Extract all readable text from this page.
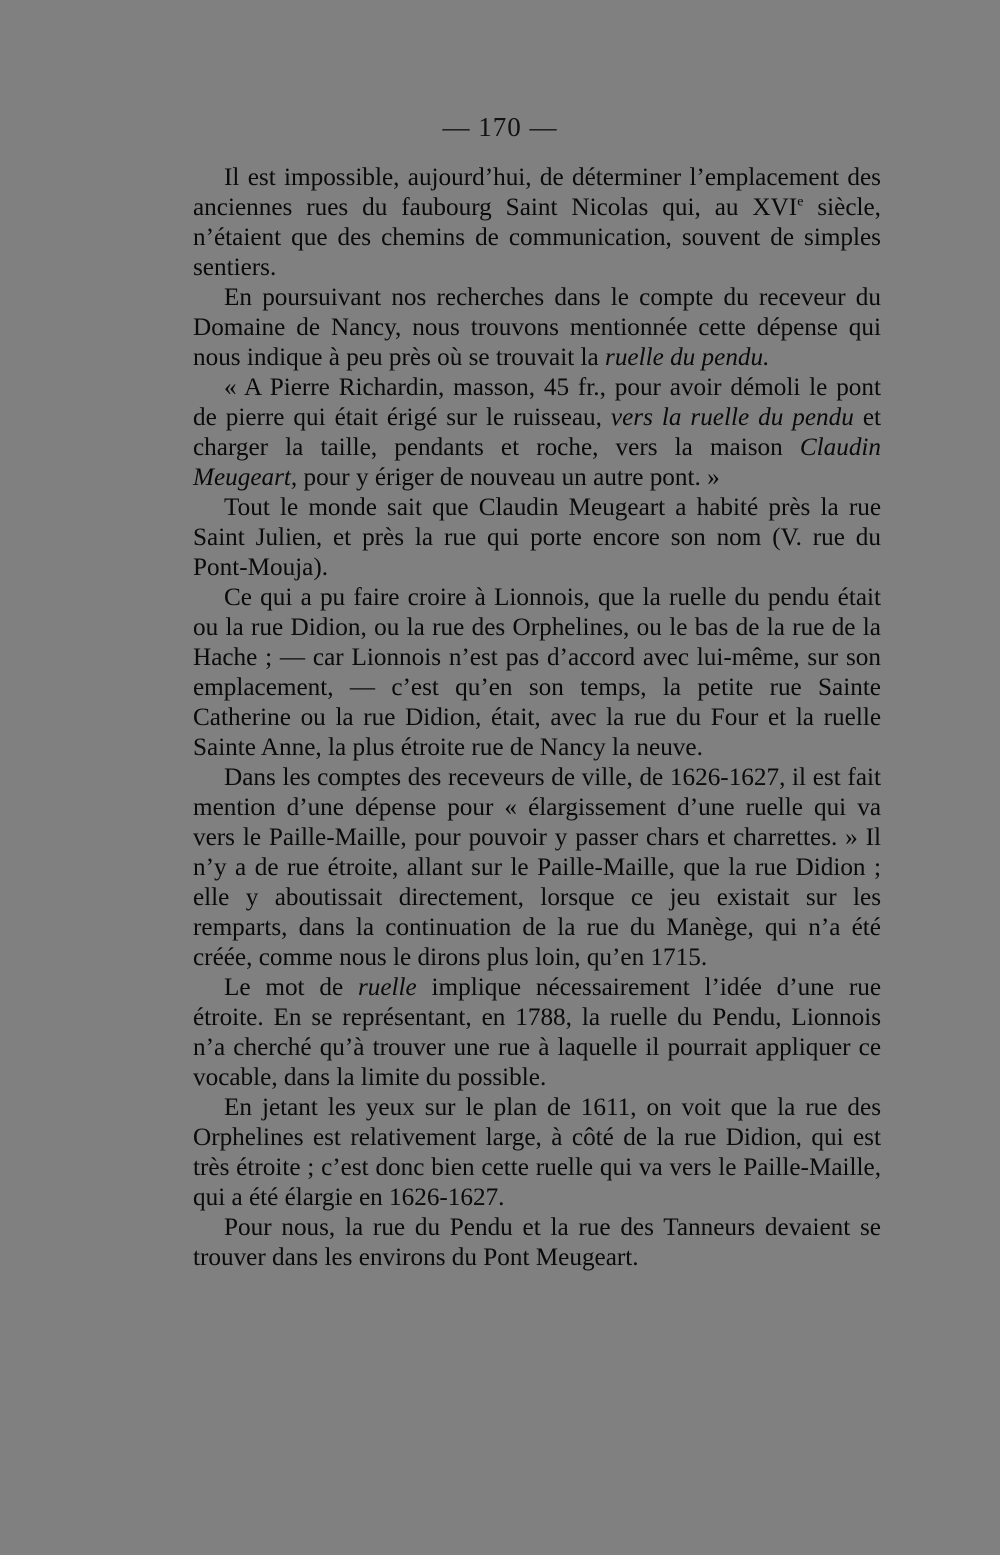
— 170 —

Il est impossible, aujourd’hui, de déterminer l’emplacement des anciennes rues du faubourg Saint Nicolas qui, au XVIe siècle, n’étaient que des chemins de communication, souvent de simples sentiers.

En poursuivant nos recherches dans le compte du receveur du Domaine de Nancy, nous trouvons mentionnée cette dépense qui nous indique à peu près où se trouvait la ruelle du pendu.

« A Pierre Richardin, masson, 45 fr., pour avoir démoli le pont de pierre qui était érigé sur le ruisseau, vers la ruelle du pendu et charger la taille, pendants et roche, vers la maison Claudin Meugeart, pour y ériger de nouveau un autre pont. »

Tout le monde sait que Claudin Meugeart a habité près la rue Saint Julien, et près la rue qui porte encore son nom (V. rue du Pont-Mouja).

Ce qui a pu faire croire à Lionnois, que la ruelle du pendu était ou la rue Didion, ou la rue des Orphelines, ou le bas de la rue de la Hache ; — car Lionnois n’est pas d’accord avec lui-même, sur son emplacement, — c’est qu’en son temps, la petite rue Sainte Catherine ou la rue Didion, était, avec la rue du Four et la ruelle Sainte Anne, la plus étroite rue de Nancy la neuve.

Dans les comptes des receveurs de ville, de 1626-1627, il est fait mention d’une dépense pour « élargissement d’une ruelle qui va vers le Paille-Maille, pour pouvoir y passer chars et charrettes. » Il n’y a de rue étroite, allant sur le Paille-Maille, que la rue Didion ; elle y aboutissait directement, lorsque ce jeu existait sur les remparts, dans la continuation de la rue du Manège, qui n’a été créée, comme nous le dirons plus loin, qu’en 1715.

Le mot de ruelle implique nécessairement l’idée d’une rue étroite. En se représentant, en 1788, la ruelle du Pendu, Lionnois n’a cherché qu’à trouver une rue à laquelle il pourrait appliquer ce vocable, dans la limite du possible.

En jetant les yeux sur le plan de 1611, on voit que la rue des Orphelines est relativement large, à côté de la rue Didion, qui est très étroite ; c’est donc bien cette ruelle qui va vers le Paille-Maille, qui a été élargie en 1626-1627.

Pour nous, la rue du Pendu et la rue des Tanneurs devaient se trouver dans les environs du Pont Meugeart.
